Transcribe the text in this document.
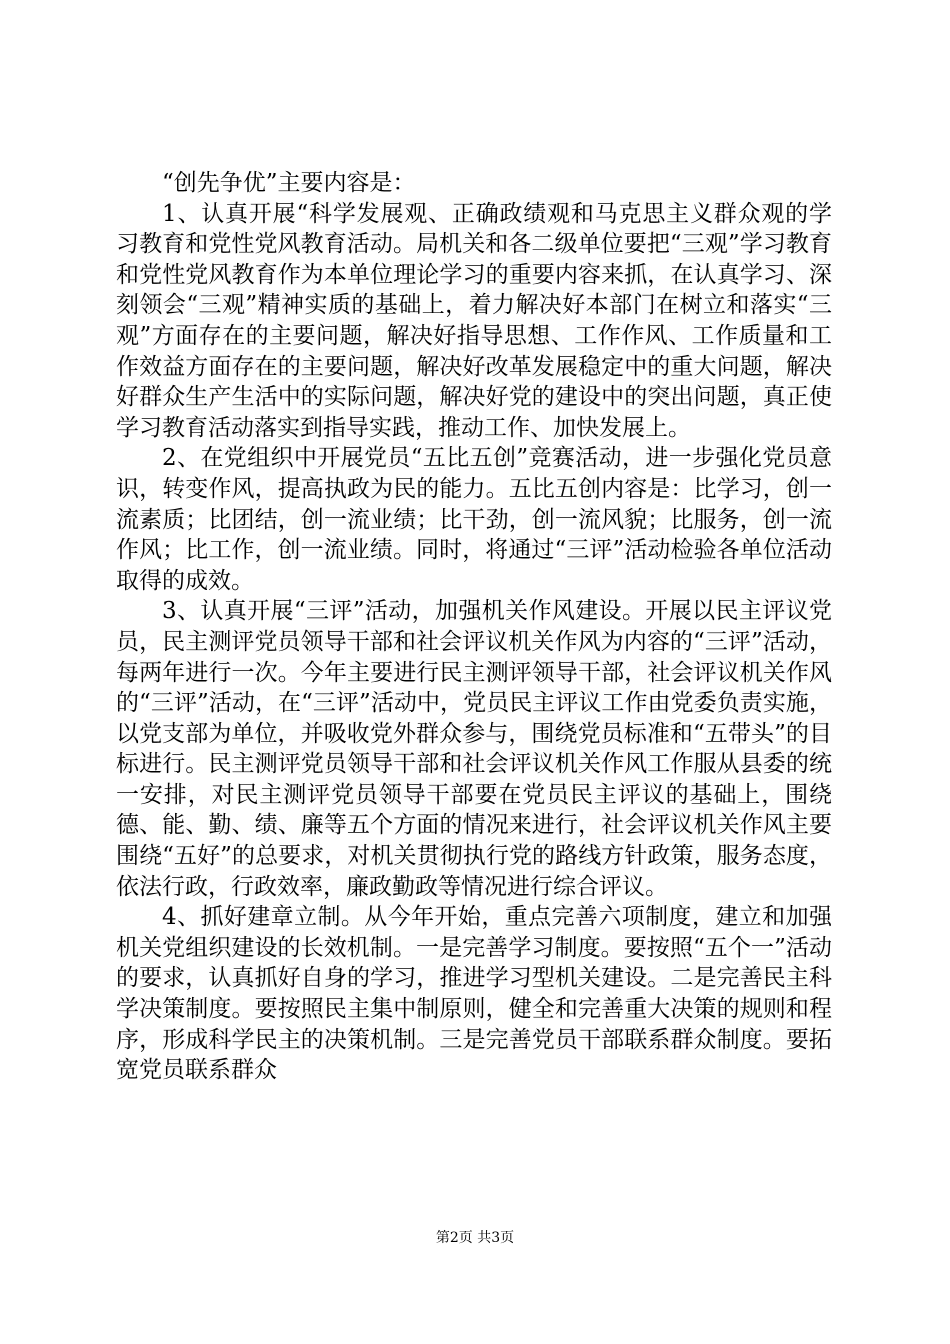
“创先争优”主要内容是：

1、认真开展“科学发展观、正确政绩观和马克思主义群众观的学习教育和党性党风教育活动。局机关和各二级单位要把“三观”学习教育和党性党风教育作为本单位理论学习的重要内容来抓，在认真学习、深刻领会“三观”精神实质的基础上，着力解决好本部门在树立和落实“三观”方面存在的主要问题，解决好指导思想、工作作风、工作质量和工作效益方面存在的主要问题，解决好改革发展稳定中的重大问题，解决好群众生产生活中的实际问题，解决好党的建设中的突出问题，真正使学习教育活动落实到指导实践，推动工作、加快发展上。

2、在党组织中开展党员“五比五创”竞赛活动，进一步强化党员意识，转变作风，提高执政为民的能力。五比五创内容是：比学习，创一流素质；比团结，创一流业绩；比干劲，创一流风貌；比服务，创一流作风；比工作，创一流业绩。同时，将通过“三评”活动检验各单位活动取得的成效。

3、认真开展“三评”活动，加强机关作风建设。开展以民主评议党员，民主测评党员领导干部和社会评议机关作风为内容的“三评”活动，每两年进行一次。今年主要进行民主测评领导干部，社会评议机关作风的“三评”活动，在“三评”活动中，党员民主评议工作由党委负责实施，以党支部为单位，并吸收党外群众参与，围绕党员标准和“五带头”的目标进行。民主测评党员领导干部和社会评议机关作风工作服从县委的统一安排，对民主测评党员领导干部要在党员民主评议的基础上，围绕德、能、勤、绩、廉等五个方面的情况来进行，社会评议机关作风主要围绕“五好”的总要求，对机关贯彻执行党的路线方针政策，服务态度，依法行政，行政效率，廉政勤政等情况进行综合评议。

4、抓好建章立制。从今年开始，重点完善六项制度，建立和加强机关党组织建设的长效机制。一是完善学习制度。要按照“五个一”活动的要求，认真抓好自身的学习，推进学习型机关建设。二是完善民主科学决策制度。要按照民主集中制原则，健全和完善重大决策的规则和程序，形成科学民主的决策机制。三是完善党员干部联系群众制度。要拓宽党员联系群众

第2页 共3页
